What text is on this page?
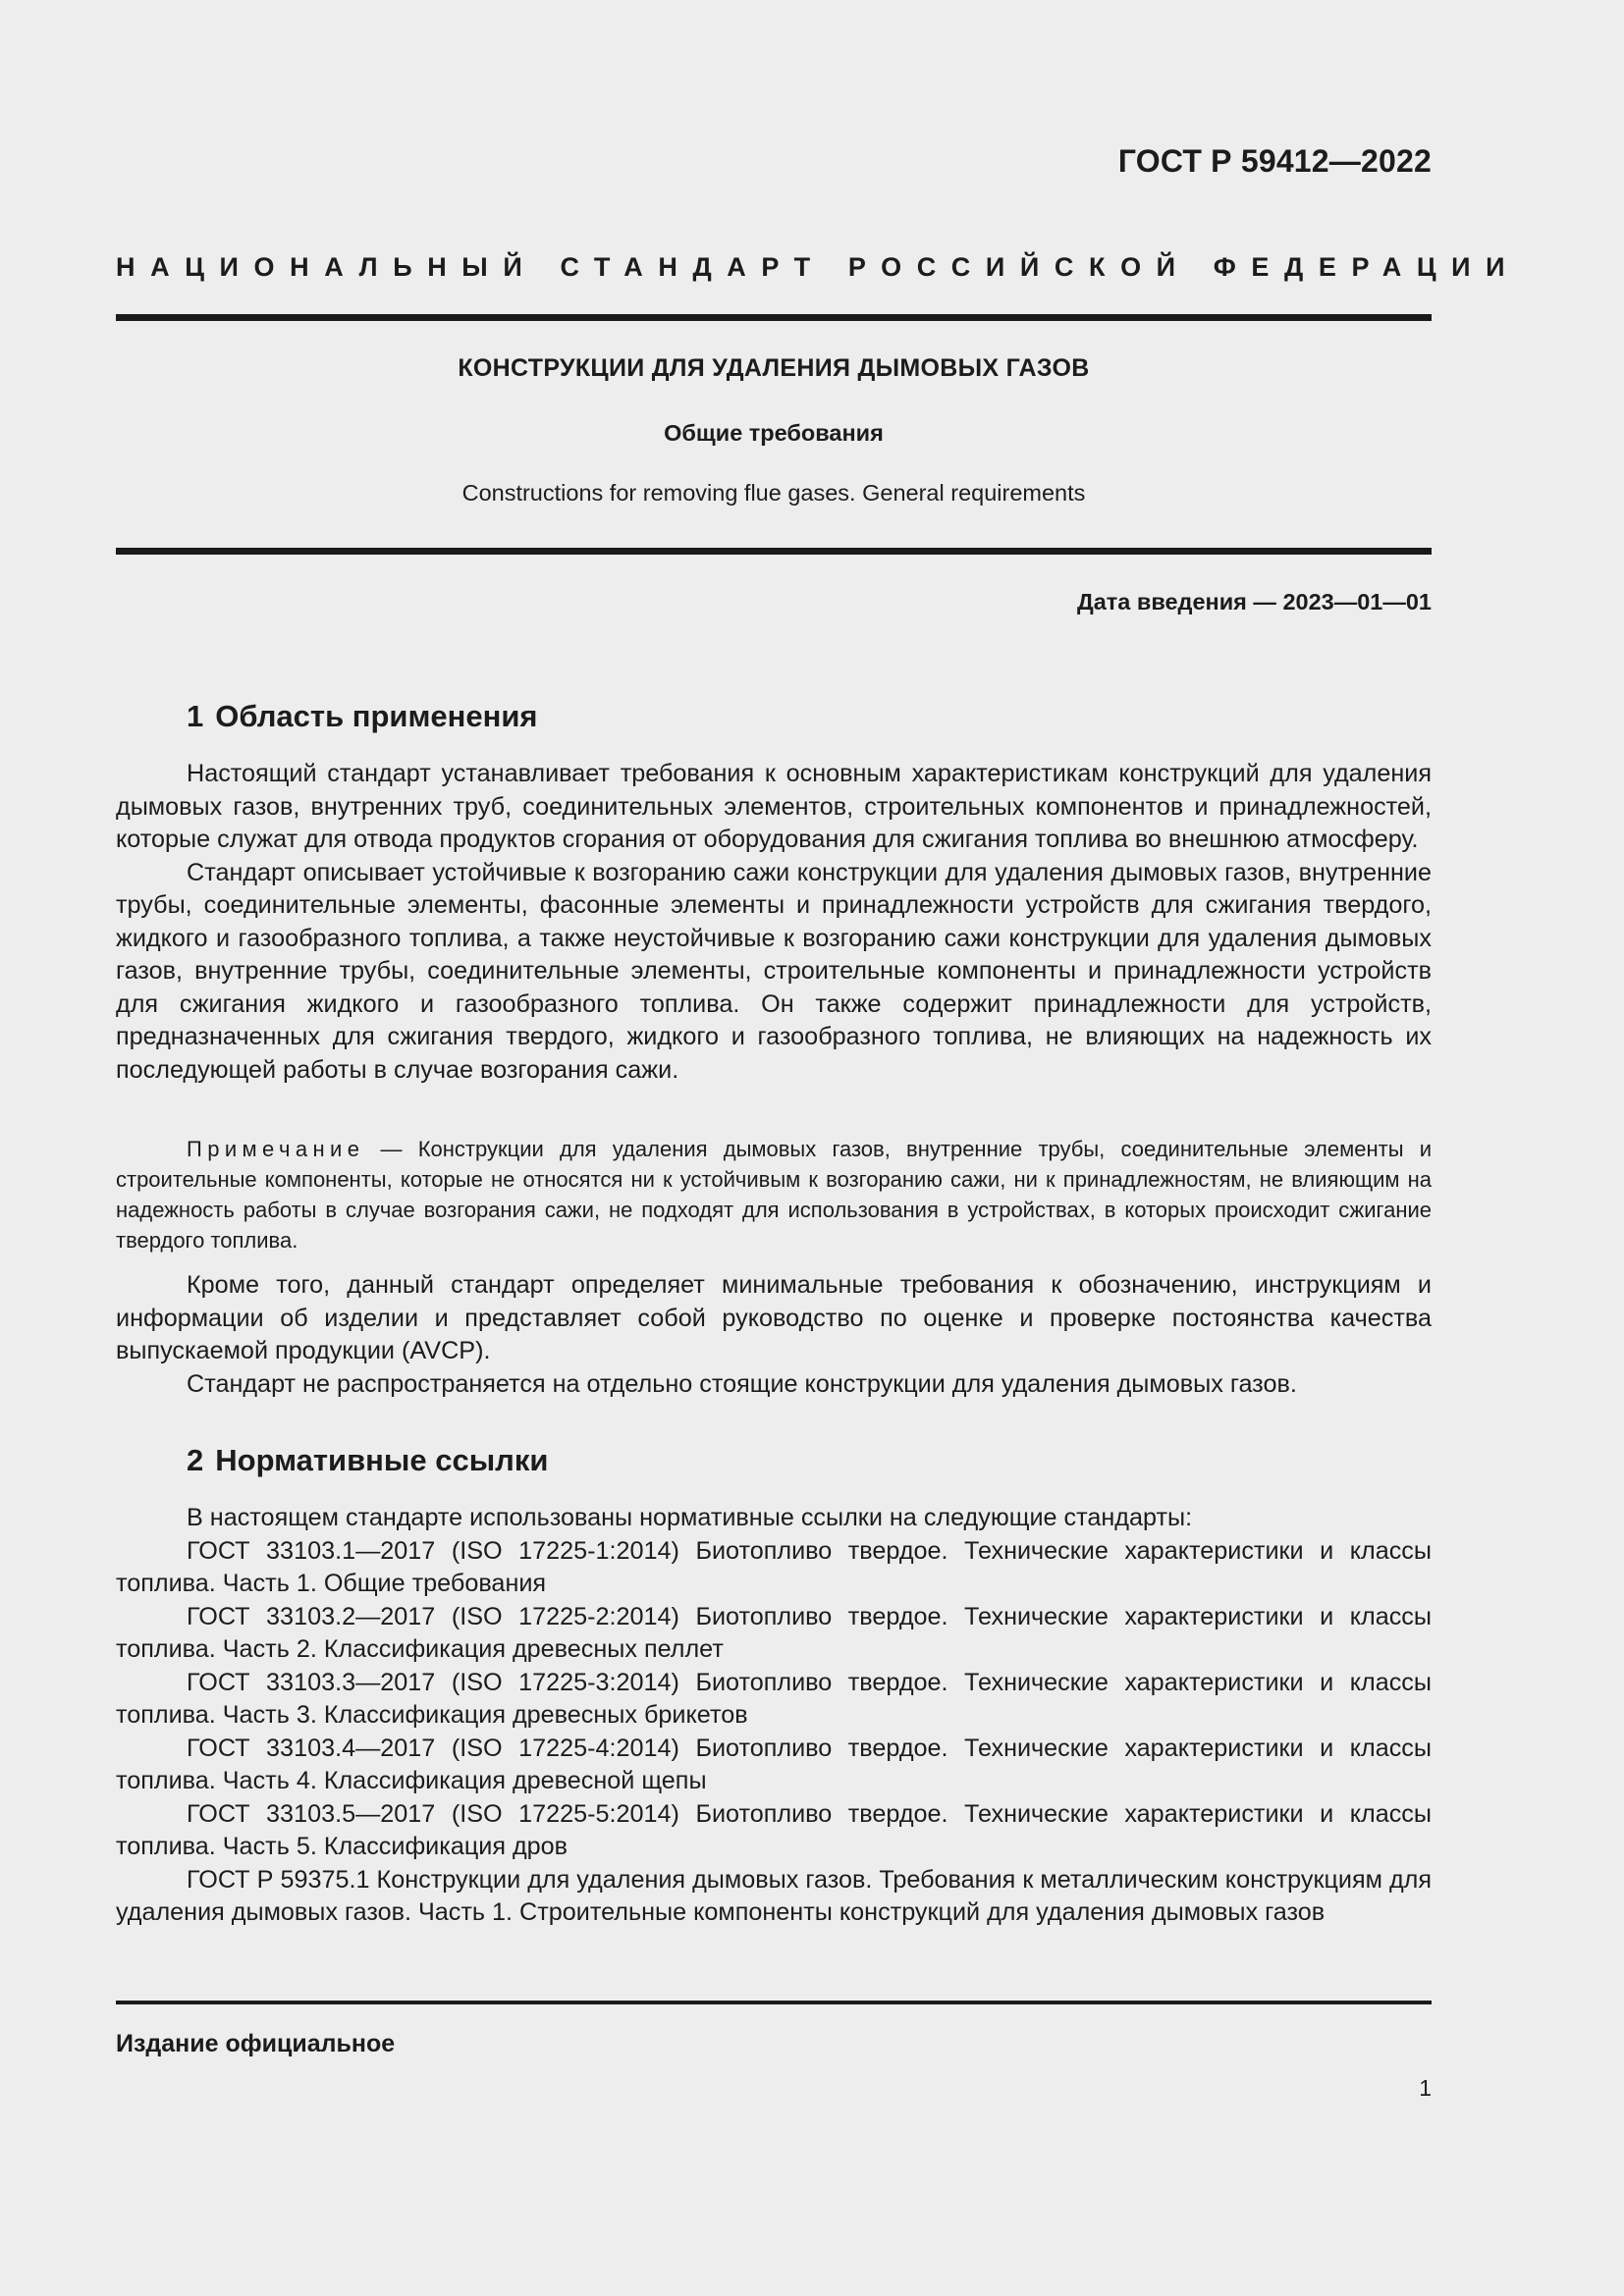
ГОСТ Р 59412—2022
НАЦИОНАЛЬНЫЙ СТАНДАРТ РОССИЙСКОЙ ФЕДЕРАЦИИ
КОНСТРУКЦИИ ДЛЯ УДАЛЕНИЯ ДЫМОВЫХ ГАЗОВ
Общие требования
Constructions for removing flue gases. General requirements
Дата введения — 2023—01—01
1 Область применения

Настоящий стандарт устанавливает требования к основным характеристикам конструкций для удаления дымовых газов, внутренних труб, соединительных элементов, строительных компонентов и принадлежностей, которые служат для отвода продуктов сгорания от оборудования для сжигания топлива во внешнюю атмосферу.

Стандарт описывает устойчивые к возгоранию сажи конструкции для удаления дымовых газов, внутренние трубы, соединительные элементы, фасонные элементы и принадлежности устройств для сжигания твердого, жидкого и газообразного топлива, а также неустойчивые к возгоранию сажи конструкции для удаления дымовых газов, внутренние трубы, соединительные элементы, строительные компоненты и принадлежности устройств для сжигания жидкого и газообразного топлива. Он также содержит принадлежности для устройств, предназначенных для сжигания твердого, жидкого и газообразного топлива, не влияющих на надежность их последующей работы в случае возгорания сажи.

Примечание — Конструкции для удаления дымовых газов, внутренние трубы, соединительные элементы и строительные компоненты, которые не относятся ни к устойчивым к возгоранию сажи, ни к принадлежностям, не влияющим на надежность работы в случае возгорания сажи, не подходят для использования в устройствах, в которых происходит сжигание твердого топлива.

Кроме того, данный стандарт определяет минимальные требования к обозначению, инструкциям и информации об изделии и представляет собой руководство по оценке и проверке постоянства качества выпускаемой продукции (AVCP).

Стандарт не распространяется на отдельно стоящие конструкции для удаления дымовых газов.

2 Нормативные ссылки

В настоящем стандарте использованы нормативные ссылки на следующие стандарты:

ГОСТ 33103.1—2017 (ISO 17225-1:2014) Биотопливо твердое. Технические характеристики и классы топлива. Часть 1. Общие требования

ГОСТ 33103.2—2017 (ISO 17225-2:2014) Биотопливо твердое. Технические характеристики и классы топлива. Часть 2. Классификация древесных пеллет

ГОСТ 33103.3—2017 (ISO 17225-3:2014) Биотопливо твердое. Технические характеристики и классы топлива. Часть 3. Классификация древесных брикетов

ГОСТ 33103.4—2017 (ISO 17225-4:2014) Биотопливо твердое. Технические характеристики и классы топлива. Часть 4. Классификация древесной щепы

ГОСТ 33103.5—2017 (ISO 17225-5:2014) Биотопливо твердое. Технические характеристики и классы топлива. Часть 5. Классификация дров

ГОСТ Р 59375.1 Конструкции для удаления дымовых газов. Требования к металлическим конструкциям для удаления дымовых газов. Часть 1. Строительные компоненты конструкций для удаления дымовых газов

Издание официальное
1
